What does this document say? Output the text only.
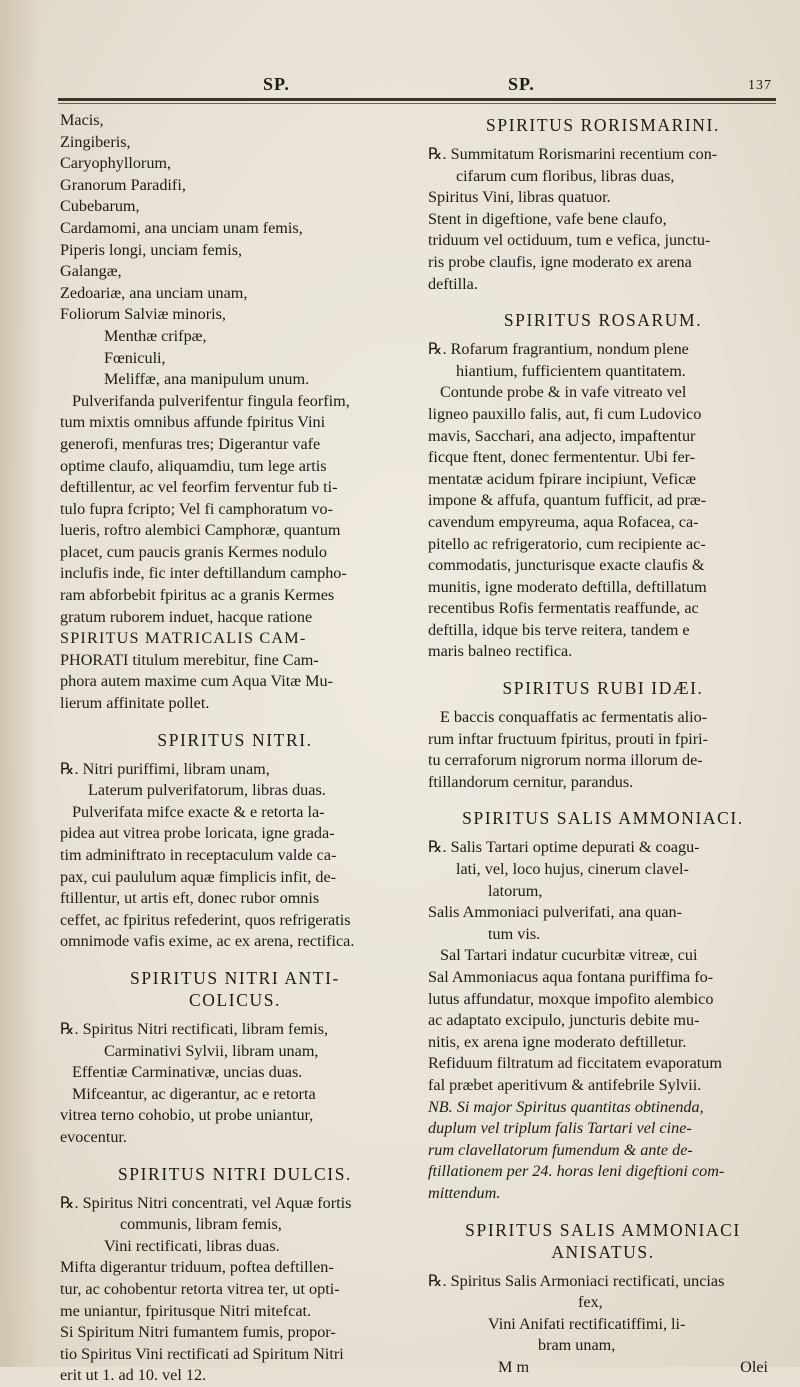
SP.	SP.	137

Macis,

Zingiberis,

Caryophyllorum,

Granorum Paradifi,

Cubebarum,

Cardamomi, ana unciam unam femis,

Piperis longi, unciam femis,

Galangæ,

Zedoariæ, ana unciam unam,

Foliorum Salviæ minoris,

Menthæ crifpæ,

Fœniculi,

Meliffæ, ana manipulum unum.

Pulverifanda pulverifentur fingula feorfim,

tum mixtis omnibus affunde fpiritus Vini

generofi, menfuras tres; Digerantur vafe

optime claufo, aliquamdiu, tum lege artis

deftillentur, ac vel feorfim ferventur fub ti-

tulo fupra fcripto; Vel fi camphoratum vo-

lueris, roftro alembici Camphoræ, quantum

placet, cum paucis granis Kermes nodulo

inclufis inde, fic inter deftillandum campho-

ram abforbebit fpiritus ac a granis Kermes

gratum ruborem induet, hacque ratione

SPIRITUS MATRICALIS CAM-

PHORATI titulum merebitur, fine Cam-

phora autem maxime cum Aqua Vitæ Mu-

lierum affinitate pollet.

SPIRITUS NITRI.

℞. Nitri puriffimi, libram unam,

Laterum pulverifatorum, libras duas.

Pulverifata mifce exacte & e retorta la-

pidea aut vitrea probe loricata, igne grada-

tim adminiftrato in receptaculum valde ca-

pax, cui paululum aquæ fimplicis infit, de-

ftillentur, ut artis eft, donec rubor omnis

ceffet, ac fpiritus refederint, quos refrigeratis

omnimode vafis exime, ac ex arena, rectifica.

SPIRITUS NITRI ANTI-

COLICUS.

℞. Spiritus Nitri rectificati, libram femis,

Carminativi Sylvii, libram unam,

Effentiæ Carminativæ, uncias duas.

Mifceantur, ac digerantur, ac e retorta

vitrea terno cohobio, ut probe uniantur,

evocentur.

SPIRITUS NITRI DULCIS.

℞. Spiritus Nitri concentrati, vel Aquæ fortis

communis, libram femis,

Vini rectificati, libras duas.

Mifta digerantur triduum, poftea deftillen-

tur, ac cohobentur retorta vitrea ter, ut opti-

me uniantur, fpiritusque Nitri mitefcat.

Si Spiritum Nitri fumantem fumis, propor-

tio Spiritus Vini rectificati ad Spiritum Nitri

erit ut 1. ad 10. vel 12.

SPIRITUS RORISMARINI.

℞. Summitatum Rorismarini recentium con-

cifarum cum floribus, libras duas,

Spiritus Vini, libras quatuor.

Stent in digeftione, vafe bene claufo,

triduum vel octiduum, tum e vefica, junctu-

ris probe claufis, igne moderato ex arena

deftilla.

SPIRITUS ROSARUM.

℞. Rofarum fragrantium, nondum plene

hiantium, fufficientem quantitatem.

Contunde probe & in vafe vitreato vel

ligneo pauxillo falis, aut, fi cum Ludovico

mavis, Sacchari, ana adjecto, impaftentur

ficque ftent, donec fermententur. Ubi fer-

mentatæ acidum fpirare incipiunt, Veficæ

impone & affufa, quantum fufficit, ad præ-

cavendum empyreuma, aqua Rofacea, ca-

pitello ac refrigeratorio, cum recipiente ac-

commodatis, juncturisque exacte claufis &

munitis, igne moderato deftilla, deftillatum

recentibus Rofis fermentatis reaffunde, ac

deftilla, idque bis terve reitera, tandem e

maris balneo rectifica.

SPIRITUS RUBI IDÆI.

E baccis conquaffatis ac fermentatis alio-

rum inftar fructuum fpiritus, prouti in fpiri-

tu cerraforum nigrorum norma illorum de-

ftillandorum cernitur, parandus.

SPIRITUS SALIS AMMONIACI.

℞. Salis Tartari optime depurati & coagu-

lati, vel, loco hujus, cinerum clavel-

latorum,

Salis Ammoniaci pulverifati, ana quan-

tum vis.

Sal Tartari indatur cucurbitæ vitreæ, cui

Sal Ammoniacus aqua fontana puriffima fo-

lutus affundatur, moxque impofito alembico

ac adaptato excipulo, juncturis debite mu-

nitis, ex arena igne moderato deftilletur.

Refiduum filtratum ad ficcitatem evaporatum

fal præbet aperitivum & antifebrile Sylvii.

NB. Si major Spiritus quantitas obtinenda,

duplum vel triplum falis Tartari vel cine-

rum clavellatorum fumendum & ante de-

ftillationem per 24. horas leni digeftioni com-

mittendum.

SPIRITUS SALIS AMMONIACI

ANISATUS.

℞. Spiritus Salis Armoniaci rectificati, uncias

fex,

Vini Anifati rectificatiffimi, li-

bram unam,

M m	Olei
